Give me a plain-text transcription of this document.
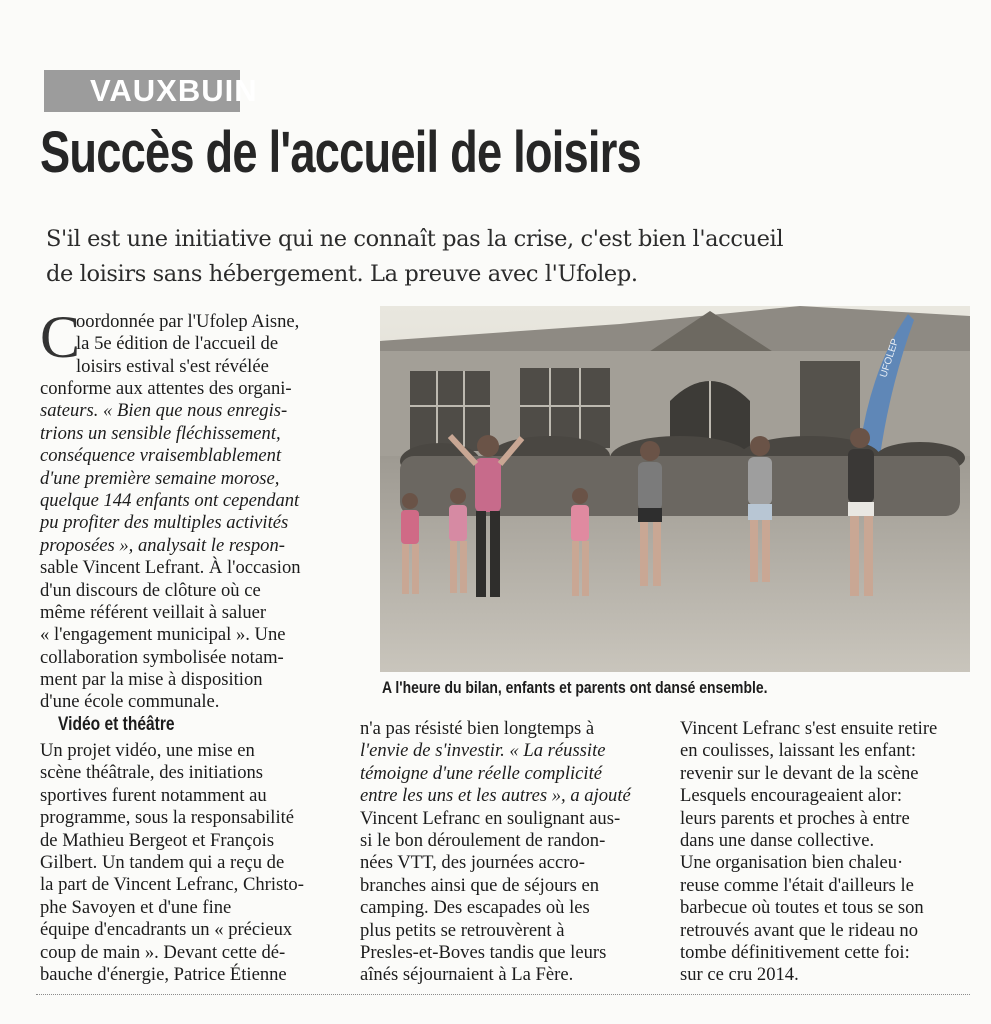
VAUXBUIN
Succès de l'accueil de loisirs
S'il est une initiative qui ne connaît pas la crise, c'est bien l'accueil
de loisirs sans hébergement. La preuve avec l'Ufolep.
C
oordonnée par l'Ufolep Aisne,
la 5e édition de l'accueil de
loisirs estival s'est révélée
conforme aux attentes des organi-
sateurs. « Bien que nous enregis-
trions un sensible fléchissement,
conséquence vraisemblablement
d'une première semaine morose,
quelque 144 enfants ont cependant
pu profiter des multiples activités
proposées », analysait le respon-
sable Vincent Lefrant. À l'occasion
d'un discours de clôture où ce
même référent veillait à saluer
« l'engagement municipal ». Une
collaboration symbolisée notam-
ment par la mise à disposition
d'une école communale.
Vidéo et théâtre
Un projet vidéo, une mise en
scène théâtrale, des initiations
sportives furent notamment au
programme, sous la responsabilité
de Mathieu Bergeot et François
Gilbert. Un tandem qui a reçu de
la part de Vincent Lefranc, Christo-
phe Savoyen et d'une fine
équipe d'encadrants un « précieux
coup de main ». Devant cette dé-
bauche d'énergie, Patrice Étienne
n'a pas résisté bien longtemps à
l'envie de s'investir. « La réussite
témoigne d'une réelle complicité
entre les uns et les autres », a ajouté
Vincent Lefranc en soulignant aus-
si le bon déroulement de randon-
nées VTT, des journées accro-
branches ainsi que de séjours en
camping. Des escapades où les
plus petits se retrouvèrent à
Presles-et-Boves tandis que leurs
aînés séjournaient à La Fère.
Vincent Lefranc s'est ensuite retire
en coulisses, laissant les enfant:
revenir sur le devant de la scène
Lesquels encourageaient alor:
leurs parents et proches à entre
dans une danse collective.
Une organisation bien chaleu·
reuse comme l'était d'ailleurs le
barbecue où toutes et tous se son
retrouvés avant que le rideau no
tombe définitivement cette foi:
sur ce cru 2014.
UFOLEP
A l'heure du bilan, enfants et parents ont dansé ensemble.
